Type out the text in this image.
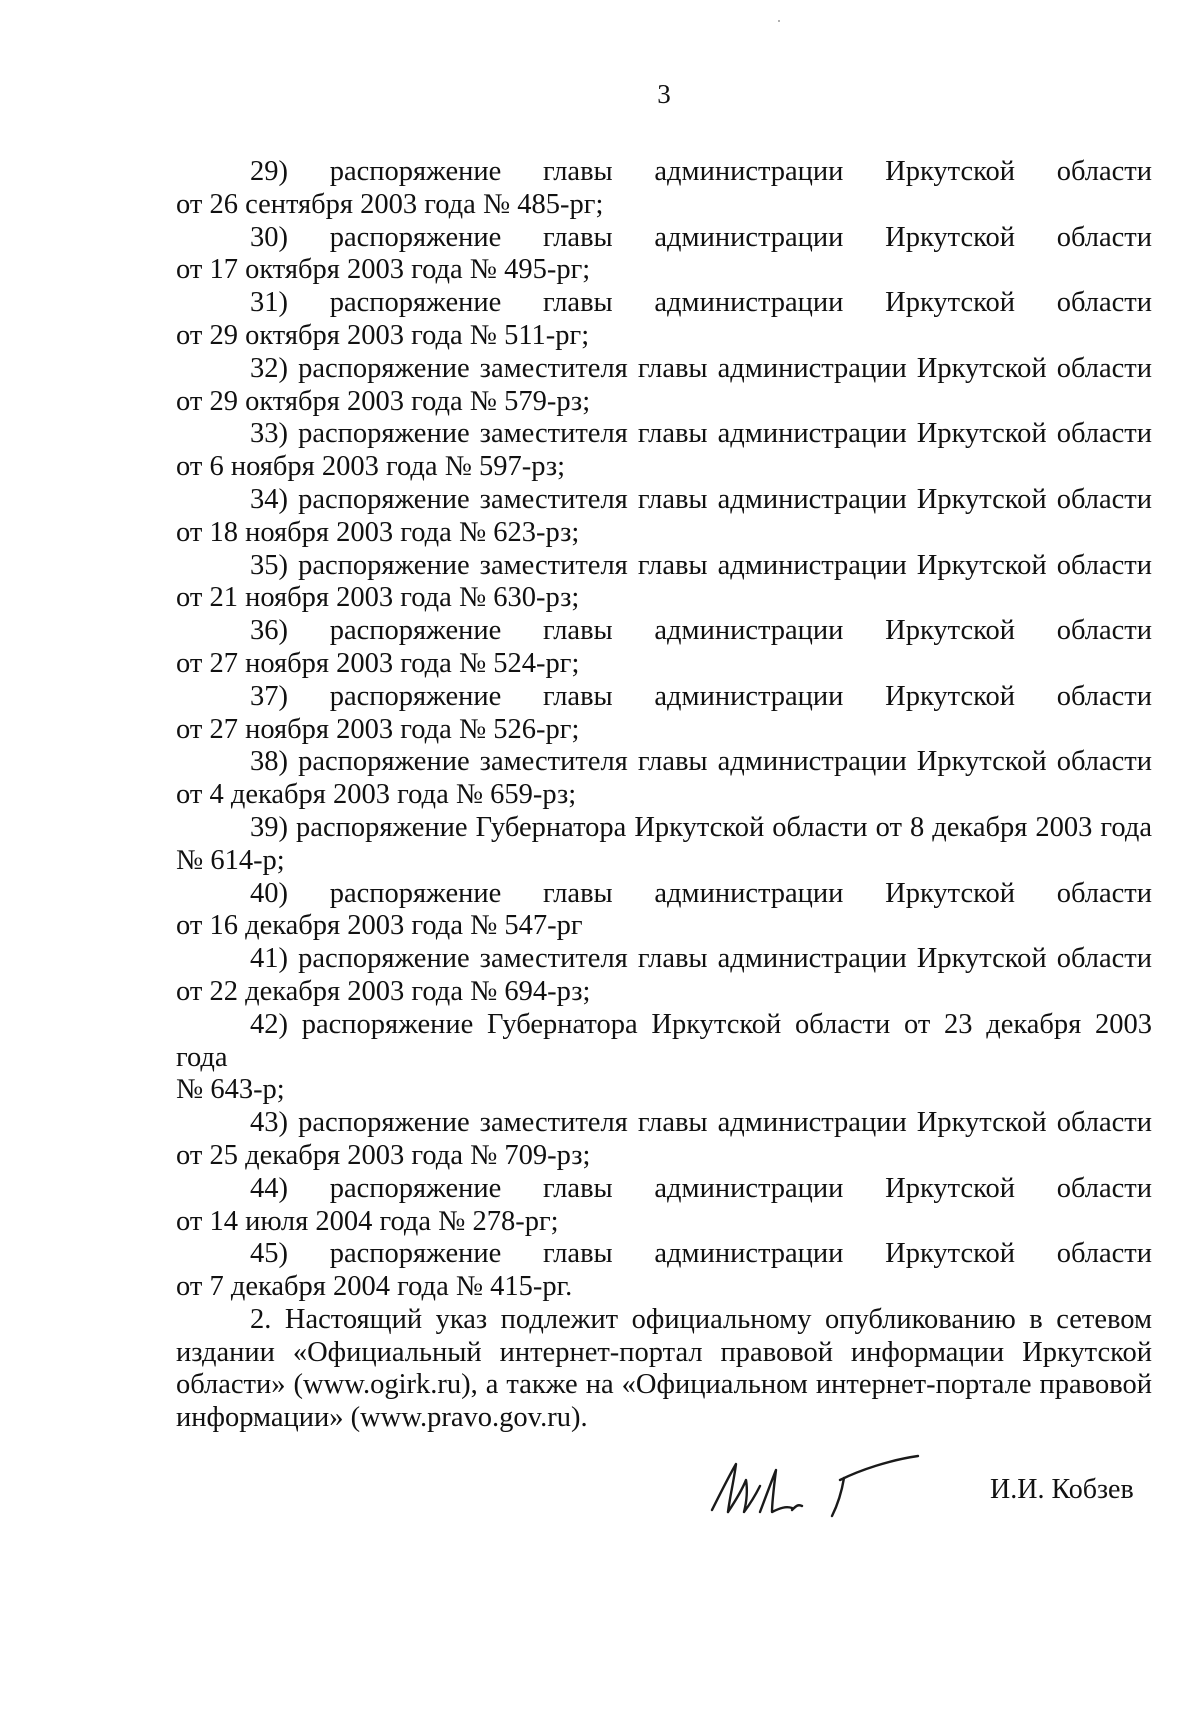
3

29) распоряжение главы администрации Иркутской области

от 26 сентября 2003 года № 485-рг;

30) распоряжение главы администрации Иркутской области

от 17 октября 2003 года № 495-рг;

31) распоряжение главы администрации Иркутской области

от 29 октября 2003 года № 511-рг;

32) распоряжение заместителя главы администрации Иркутской области

от 29 октября 2003 года № 579-рз;

33) распоряжение заместителя главы администрации Иркутской области

от 6 ноября 2003 года № 597-рз;

34) распоряжение заместителя главы администрации Иркутской области

от 18 ноября 2003 года № 623-рз;

35) распоряжение заместителя главы администрации Иркутской области

от 21 ноября 2003 года № 630-рз;

36) распоряжение главы администрации Иркутской области

от 27 ноября 2003 года № 524-рг;

37) распоряжение главы администрации Иркутской области

от 27 ноября 2003 года № 526-рг;

38) распоряжение заместителя главы администрации Иркутской области

от 4 декабря 2003 года № 659-рз;

39) распоряжение Губернатора Иркутской области от 8 декабря 2003 года

№ 614-р;

40) распоряжение главы администрации Иркутской области

от 16 декабря 2003 года № 547-рг

41) распоряжение заместителя главы администрации Иркутской области

от 22 декабря 2003 года № 694-рз;

42) распоряжение Губернатора Иркутской области от 23 декабря 2003 года

№ 643-р;

43) распоряжение заместителя главы администрации Иркутской области

от 25 декабря 2003 года № 709-рз;

44) распоряжение главы администрации Иркутской области

от 14 июля 2004 года № 278-рг;

45) распоряжение главы администрации Иркутской области

от 7 декабря 2004 года № 415-рг.

2. Настоящий указ подлежит официальному опубликованию в сетевом издании «Официальный интернет-портал правовой информации Иркутской области» (www.ogirk.ru), а также на «Официальном интернет-портале правовой информации» (www.pravo.gov.ru).

И.И. Кобзев
